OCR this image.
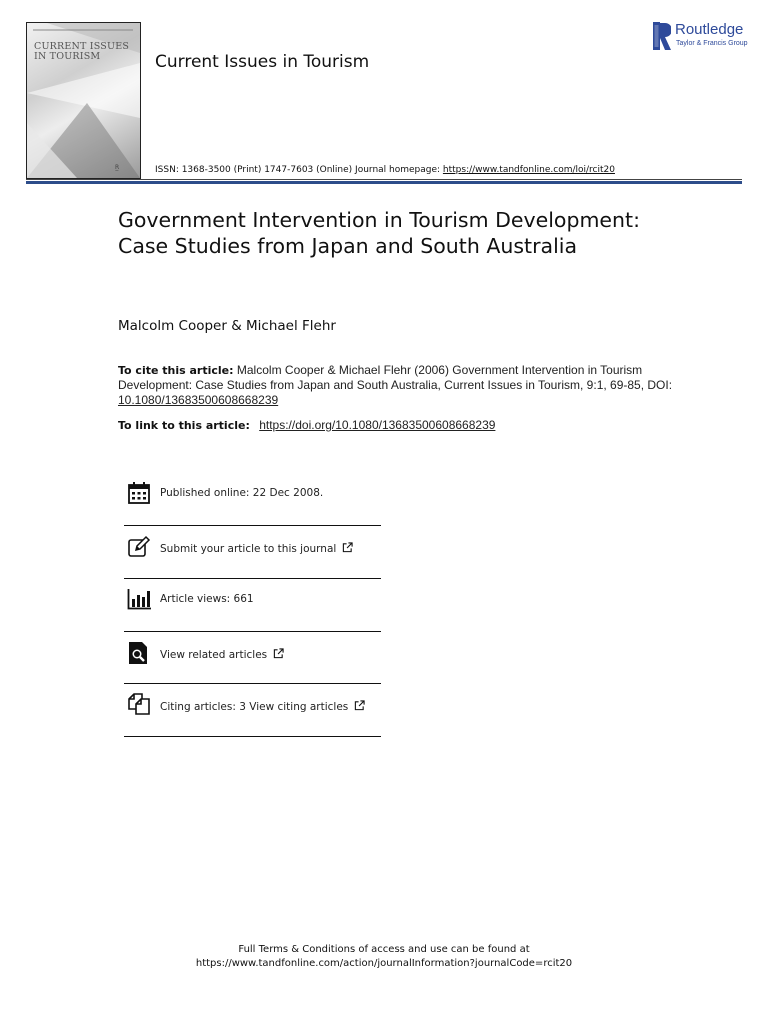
CURRENT ISSUES IN TOURISM
R̲
Current Issues in Tourism
ISSN: 1368-3500 (Print) 1747-7603 (Online) Journal homepage: https://www.tandfonline.com/loi/rcit20
Routledge
Taylor & Francis Group
Government Intervention in Tourism Development: Case Studies from Japan and South Australia
Malcolm Cooper & Michael Flehr
To cite this article: Malcolm Cooper & Michael Flehr (2006) Government Intervention in Tourism Development: Case Studies from Japan and South Australia, Current Issues in Tourism, 9:1, 69-85, DOI: 10.1080/13683500608668239
To link to this article: https://doi.org/10.1080/13683500608668239
Published online: 22 Dec 2008.
Submit your article to this journal
Article views: 661
View related articles
Citing articles: 3 View citing articles
Full Terms & Conditions of access and use can be found at
https://www.tandfonline.com/action/journalInformation?journalCode=rcit20
